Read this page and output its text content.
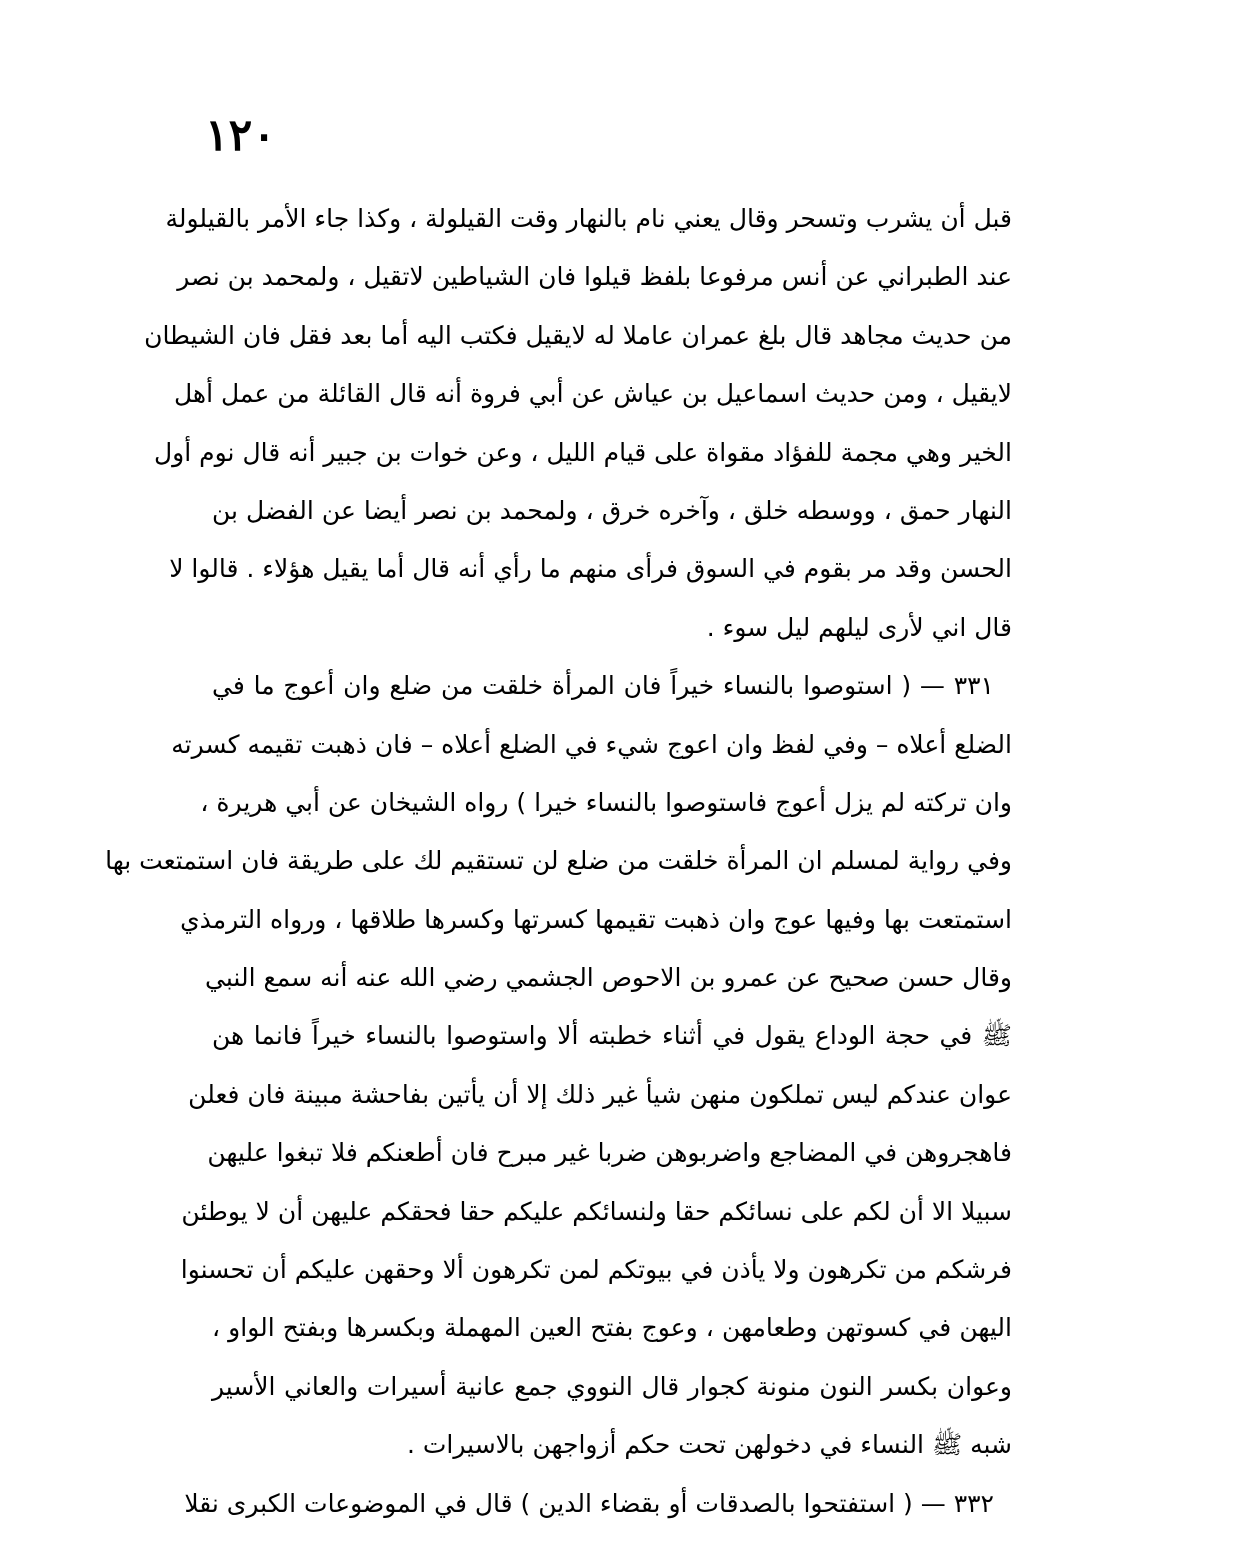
١٢٠
قبل أن يشرب وتسحر وقال يعني نام بالنهار وقت القيلولة ، وكذا جاء الأمر بالقيلولة
عند الطبراني عن أنس مرفوعا بلفظ قيلوا فان الشياطين لاتقيل ، ولمحمد بن نصر
من حديث مجاهد قال بلغ عمران عاملا له لايقيل فكتب اليه أما بعد فقل فان الشيطان
لايقيل ، ومن حديث اسماعيل بن عياش عن أبي فروة أنه قال القائلة من عمل أهل
الخير وهي مجمة للفؤاد مقواة على قيام الليل ، وعن خوات بن جبير أنه قال نوم أول
النهار حمق ، ووسطه خلق ، وآخره خرق ، ولمحمد بن نصر أيضا عن الفضل بن
الحسن وقد مر بقوم في السوق فرأى منهم ما رأي أنه قال أما يقيل هؤلاء . قالوا لا
قال اني لأرى ليلهم ليل سوء .
٣٣١ — ( استوصوا بالنساء خيراً فان المرأة خلقت من ضلع وان أعوج ما في
الضلع أعلاه – وفي لفظ وان اعوج شيء في الضلع أعلاه – فان ذهبت تقيمه كسرته
وان تركته لم يزل أعوج فاستوصوا بالنساء خيرا ) رواه الشيخان عن أبي هريرة ،
وفي رواية لمسلم ان المرأة خلقت من ضلع لن تستقيم لك على طريقة فان استمتعت بها
استمتعت بها وفيها عوج وان ذهبت تقيمها كسرتها وكسرها طلاقها ، ورواه الترمذي
وقال حسن صحيح عن عمرو بن الاحوص الجشمي رضي الله عنه أنه سمع النبي
ﷺ في حجة الوداع يقول في أثناء خطبته ألا واستوصوا بالنساء خيراً فانما هن
عوان عندكم ليس تملكون منهن شيأ غير ذلك إلا أن يأتين بفاحشة مبينة فان فعلن
فاهجروهن في المضاجع واضربوهن ضربا غير مبرح فان أطعنكم فلا تبغوا عليهن
سبيلا الا أن لكم على نسائكم حقا ولنسائكم عليكم حقا فحقكم عليهن أن لا يوطئن
فرشكم من تكرهون ولا يأذن في بيوتكم لمن تكرهون ألا وحقهن عليكم أن تحسنوا
اليهن في كسوتهن وطعامهن ، وعوج بفتح العين المهملة وبكسرها وبفتح الواو ،
وعوان بكسر النون منونة كجوار قال النووي جمع عانية أسيرات والعاني الأسير
شبه ﷺ النساء في دخولهن تحت حكم أزواجهن بالاسيرات .
٣٣٢ — ( استفتحوا بالصدقات أو بقضاء الدين ) قال في الموضوعات الكبرى نقلا
